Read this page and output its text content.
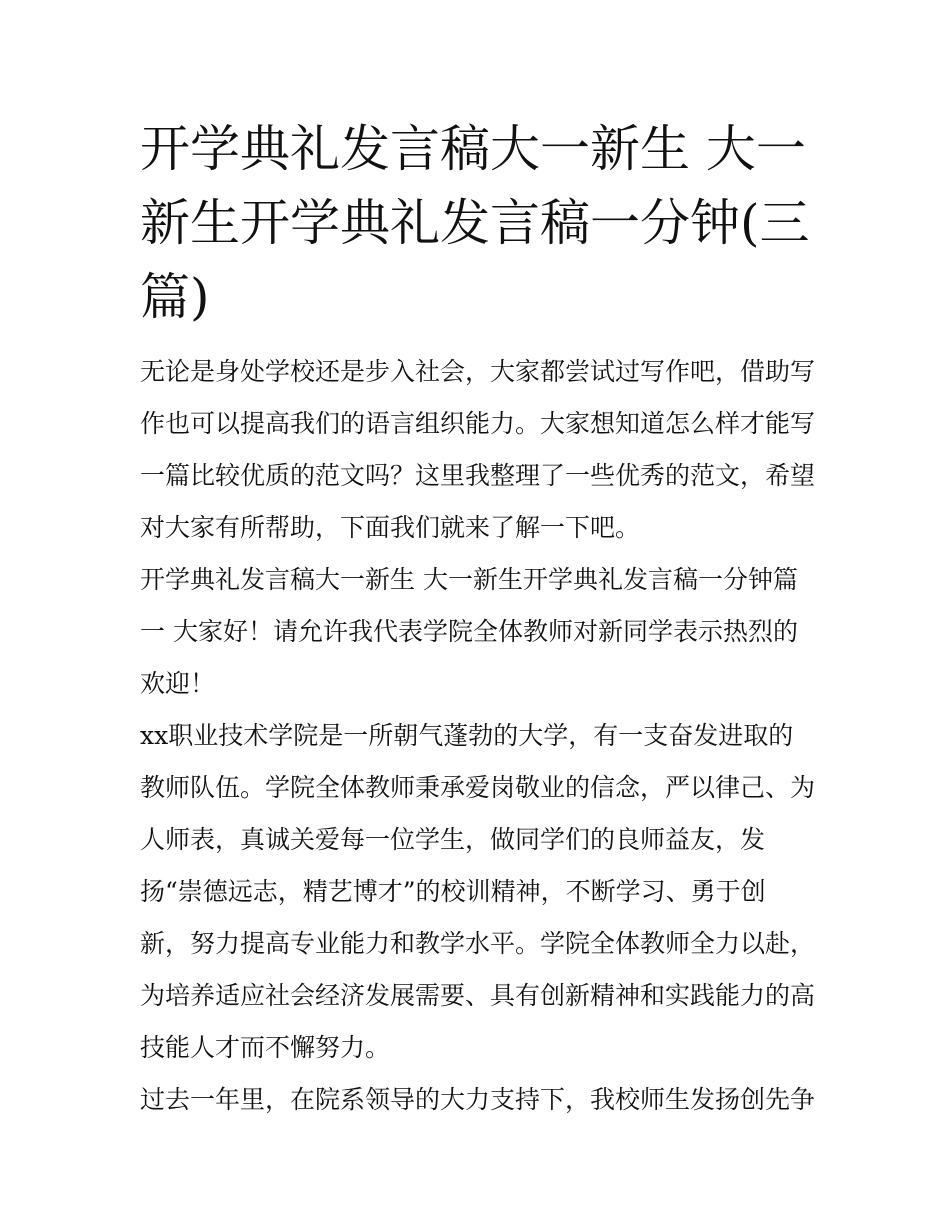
开学典礼发言稿大一新生 大一新生开学典礼发言稿一分钟(三篇)

无论是身处学校还是步入社会，大家都尝试过写作吧，借助写作也可以提高我们的语言组织能力。大家想知道怎么样才能写一篇比较优质的范文吗？这里我整理了一些优秀的范文，希望对大家有所帮助，下面我们就来了解一下吧。

开学典礼发言稿大一新生 大一新生开学典礼发言稿一分钟篇一 大家好！请允许我代表学院全体教师对新同学表示热烈的欢迎！

xx职业技术学院是一所朝气蓬勃的大学，有一支奋发进取的教师队伍。学院全体教师秉承爱岗敬业的信念，严以律己、为人师表，真诚关爱每一位学生，做同学们的良师益友，发扬“崇德远志，精艺博才”的校训精神，不断学习、勇于创新，努力提高专业能力和教学水平。学院全体教师全力以赴，为培养适应社会经济发展需要、具有创新精神和实践能力的高技能人才而不懈努力。

过去一年里，在院系领导的大力支持下，我校师生发扬创先争
